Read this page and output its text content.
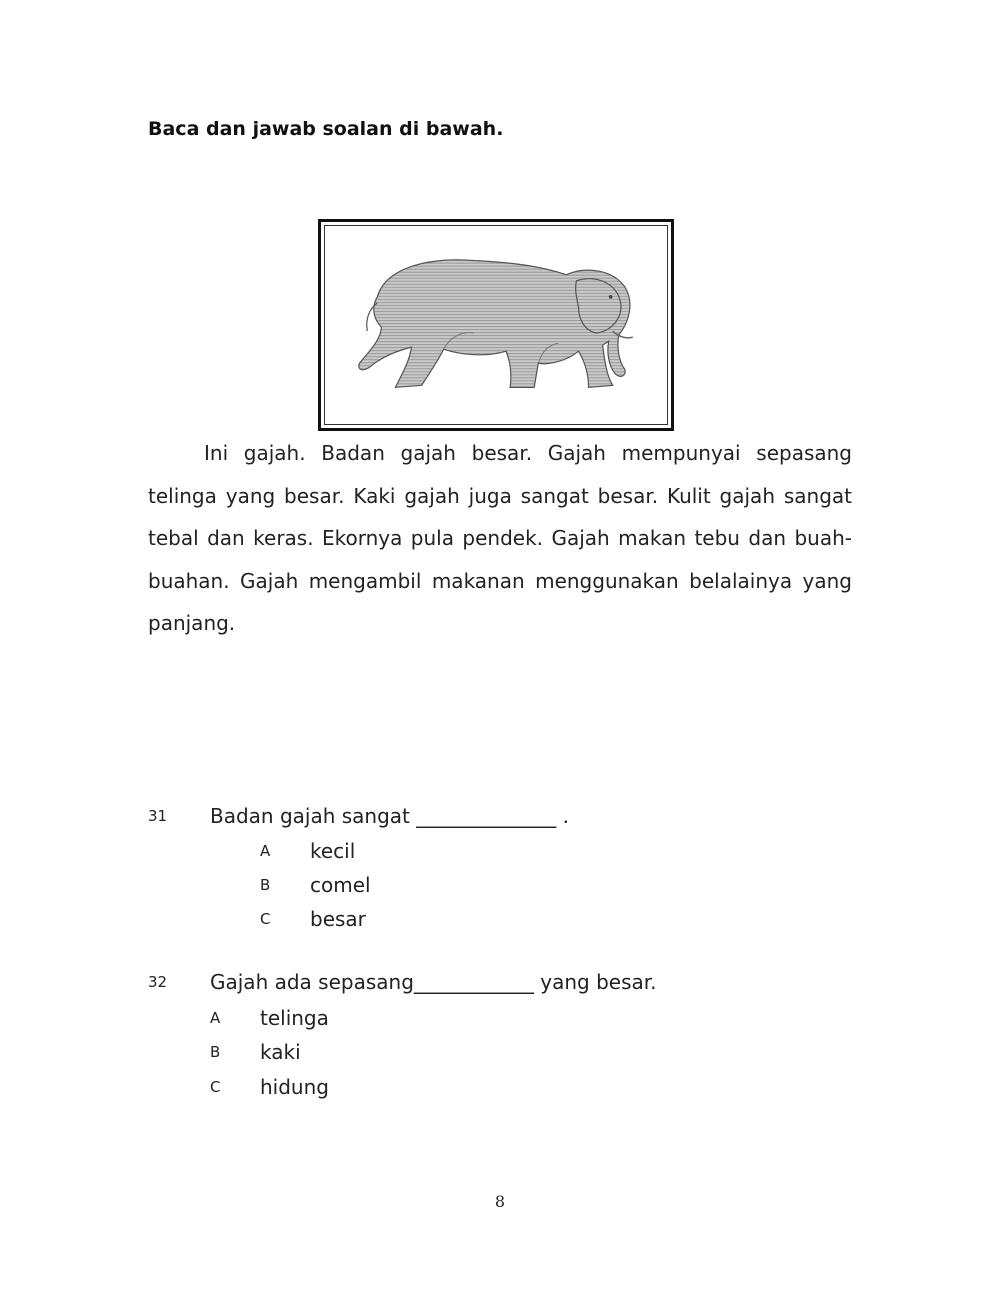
Baca dan jawab soalan di bawah.
Ini gajah. Badan gajah besar. Gajah mempunyai sepasang telinga yang besar. Kaki gajah juga sangat besar. Kulit gajah sangat tebal dan keras. Ekornya pula pendek. Gajah makan tebu dan buah-buahan. Gajah mengambil makanan menggunakan belalainya yang panjang.
31 Badan gajah sangat ______________ .
A kecil
B comel
C besar
32 Gajah ada sepasang____________ yang besar.
A telinga
B kaki
C hidung
8
